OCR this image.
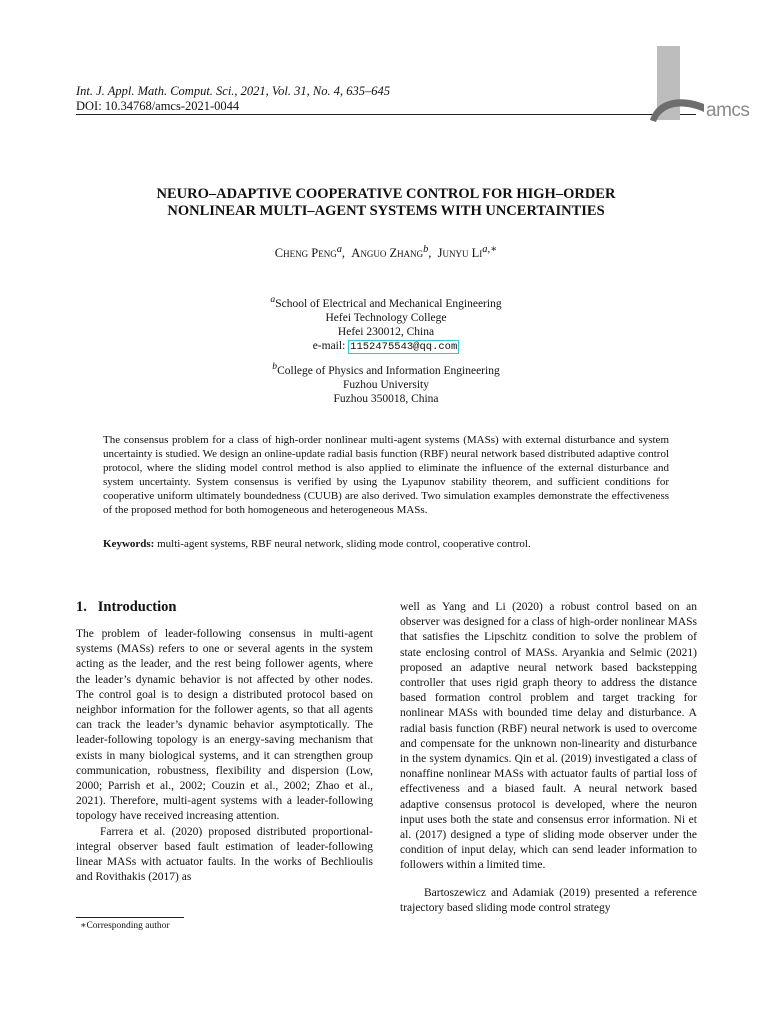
Int. J. Appl. Math. Comput. Sci., 2021, Vol. 31, No. 4, 635–645
DOI: 10.34768/amcs-2021-0044	amcs
NEURO–ADAPTIVE COOPERATIVE CONTROL FOR HIGH–ORDER
NONLINEAR MULTI–AGENT SYSTEMS WITH UNCERTAINTIES
Cheng Peng$^a$,  Anguo Zhang$^b$,  Junyu $Li^{a,∗}$
$^a$School of Electrical and Mechanical Engineering
Hefei Technology College
Hefei 230012, China
e-mail: 1152475543@qq.com
$^b$College of Physics and Information Engineering
Fuzhou University
Fuzhou 350018, China
The consensus problem for a class of high-order nonlinear multi-agent systems (MASs) with external disturbance and system uncertainty is studied. We design an online-update radial basis function (RBF) neural network based distributed adaptive control protocol, where the sliding model control method is also applied to eliminate the influence of the external disturbance and system uncertainty. System consensus is verified by using the Lyapunov stability theorem, and sufficient conditions for cooperative uniform ultimately boundedness (CUUB) are also derived. Two simulation examples demonstrate the effectiveness of the proposed method for both homogeneous and heterogeneous MASs.
Keywords: multi-agent systems, RBF neural network, sliding mode control, cooperative control.
1.   Introduction

The problem of leader-following consensus in multi-agent systems (MASs) refers to one or several agents in the system acting as the leader, and the rest being follower agents, where the leader’s dynamic behavior is not affected by other nodes. The control goal is to design a distributed protocol based on neighbor information for the follower agents, so that all agents can track the leader’s dynamic behavior asymptotically. The leader-following topology is an energy-saving mechanism that exists in many biological systems, and it can strengthen group communication, robustness, flexibility and dispersion (Low, 2000; Parrish et al., 2002; Couzin et al., 2002; Zhao et al., 2021). Therefore, multi-agent systems with a leader-following topology have received increasing attention.

Farrera et al. (2020) proposed distributed proportional-integral observer based fault estimation of leader-following linear MASs with actuator faults. In the works of Bechlioulis and Rovithakis (2017) as

well as Yang and Li (2020) a robust control based on an observer was designed for a class of high-order nonlinear MASs that satisfies the Lipschitz condition to solve the problem of state enclosing control of MASs. Aryankia and Selmic (2021) proposed an adaptive neural network based backstepping controller that uses rigid graph theory to address the distance based formation control problem and target tracking for nonlinear MASs with bounded time delay and disturbance. A radial basis function (RBF) neural network is used to overcome and compensate for the unknown non-linearity and disturbance in the system dynamics. Qin et al. (2019) investigated a class of nonaffine nonlinear MASs with actuator faults of partial loss of effectiveness and a biased fault. A neural network based adaptive consensus protocol is developed, where the neuron input uses both the state and consensus error information. Ni et al. (2017) designed a type of sliding mode observer under the condition of input delay, which can send leader information to followers within a limited time.

Bartoszewicz and Adamiak (2019) presented a reference trajectory based sliding mode control strategy

∗Corresponding author
